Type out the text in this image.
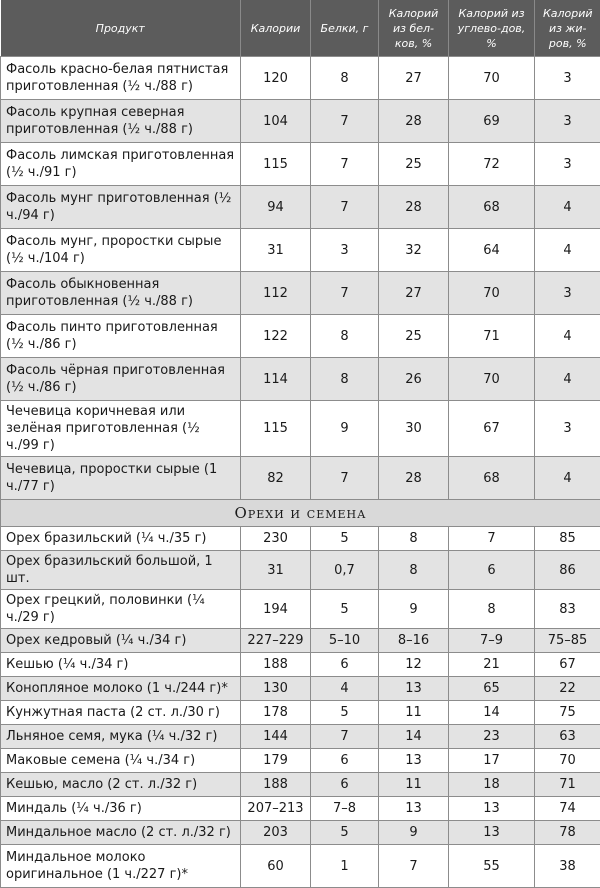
Продукт	Калории	Белки, г	Калорий из бел-ков, %	Калорий из углево-дов, %	Калорий из жи-ров, %
Фасоль красно-белая пятнистая приготовленная (½ ч./88 г)	120	8	27	70	3
Фасоль крупная северная приготовленная (½ ч./88 г)	104	7	28	69	3
Фасоль лимская приготовленная (½ ч./91 г)	115	7	25	72	3
Фасоль мунг приготовленная (½ ч./94 г)	94	7	28	68	4
Фасоль мунг, проростки сырые (½ ч./104 г)	31	3	32	64	4
Фасоль обыкновенная приготовленная (½ ч./88 г)	112	7	27	70	3
Фасоль пинто приготовленная (½ ч./86 г)	122	8	25	71	4
Фасоль чёрная приготовленная (½ ч./86 г)	114	8	26	70	4
Чечевица коричневая или зелёная приготовленная (½ ч./99 г)	115	9	30	67	3
Чечевица, проростки сырые (1 ч./77 г)	82	7	28	68	4
Орехи и семена					
Орех бразильский (¼ ч./35 г)	230	5	8	7	85
Орех бразильский большой, 1 шт.	31	0,7	8	6	86
Орех грецкий, половинки (¼ ч./29 г)	194	5	9	8	83
Орех кедровый (¼ ч./34 г)	227–229	5–10	8–16	7–9	75–85
Кешью (¼ ч./34 г)	188	6	12	21	67
Конопляное молоко (1 ч./244 г)*	130	4	13	65	22
Кунжутная паста (2 ст. л./30 г)	178	5	11	14	75
Льняное семя, мука (¼ ч./32 г)	144	7	14	23	63
Маковые семена (¼ ч./34 г)	179	6	13	17	70
Кешью, масло (2 ст. л./32 г)	188	6	11	18	71
Миндаль (¼ ч./36 г)	207–213	7–8	13	13	74
Миндальное масло (2 ст. л./32 г)	203	5	9	13	78
Миндальное молоко оригинальное (1 ч./227 г)*	60	1	7	55	38
